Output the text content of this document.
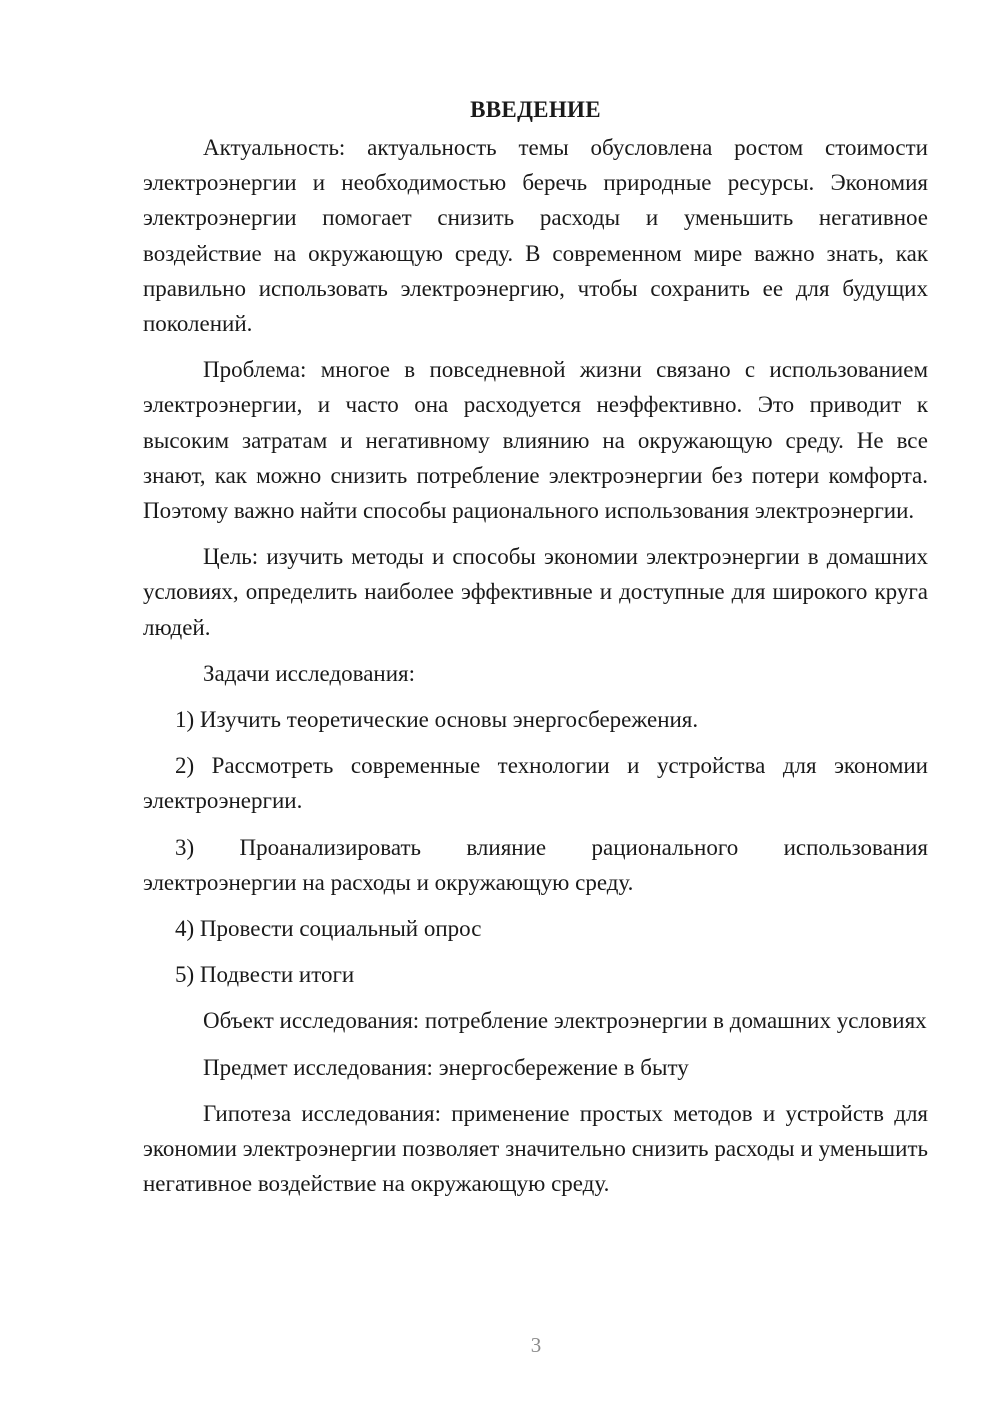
ВВЕДЕНИЕ

Актуальность: актуальность темы обусловлена ростом стоимости электроэнергии и необходимостью беречь природные ресурсы. Экономия электроэнергии помогает снизить расходы и уменьшить негативное воздействие на окружающую среду. В современном мире важно знать, как правильно использовать электроэнергию, чтобы сохранить ее для будущих поколений.

Проблема: многое в повседневной жизни связано с использованием электроэнергии, и часто она расходуется неэффективно. Это приводит к высоким затратам и негативному влиянию на окружающую среду. Не все знают, как можно снизить потребление электроэнергии без потери комфорта. Поэтому важно найти способы рационального использования электроэнергии.

Цель: изучить методы и способы экономии электроэнергии в домашних условиях, определить наиболее эффективные и доступные для широкого круга людей.

Задачи исследования:

1) Изучить теоретические основы энергосбережения.

2) Рассмотреть современные технологии и устройства для экономии электроэнергии.

3) Проанализировать влияние рационального использования электроэнергии на расходы и окружающую среду.

4) Провести социальный опрос

5) Подвести итоги

Объект исследования: потребление электроэнергии в домашних условиях

Предмет исследования: энергосбережение в быту

Гипотеза исследования: применение простых методов и устройств для экономии электроэнергии позволяет значительно снизить расходы и уменьшить негативное воздействие на окружающую среду.

3
